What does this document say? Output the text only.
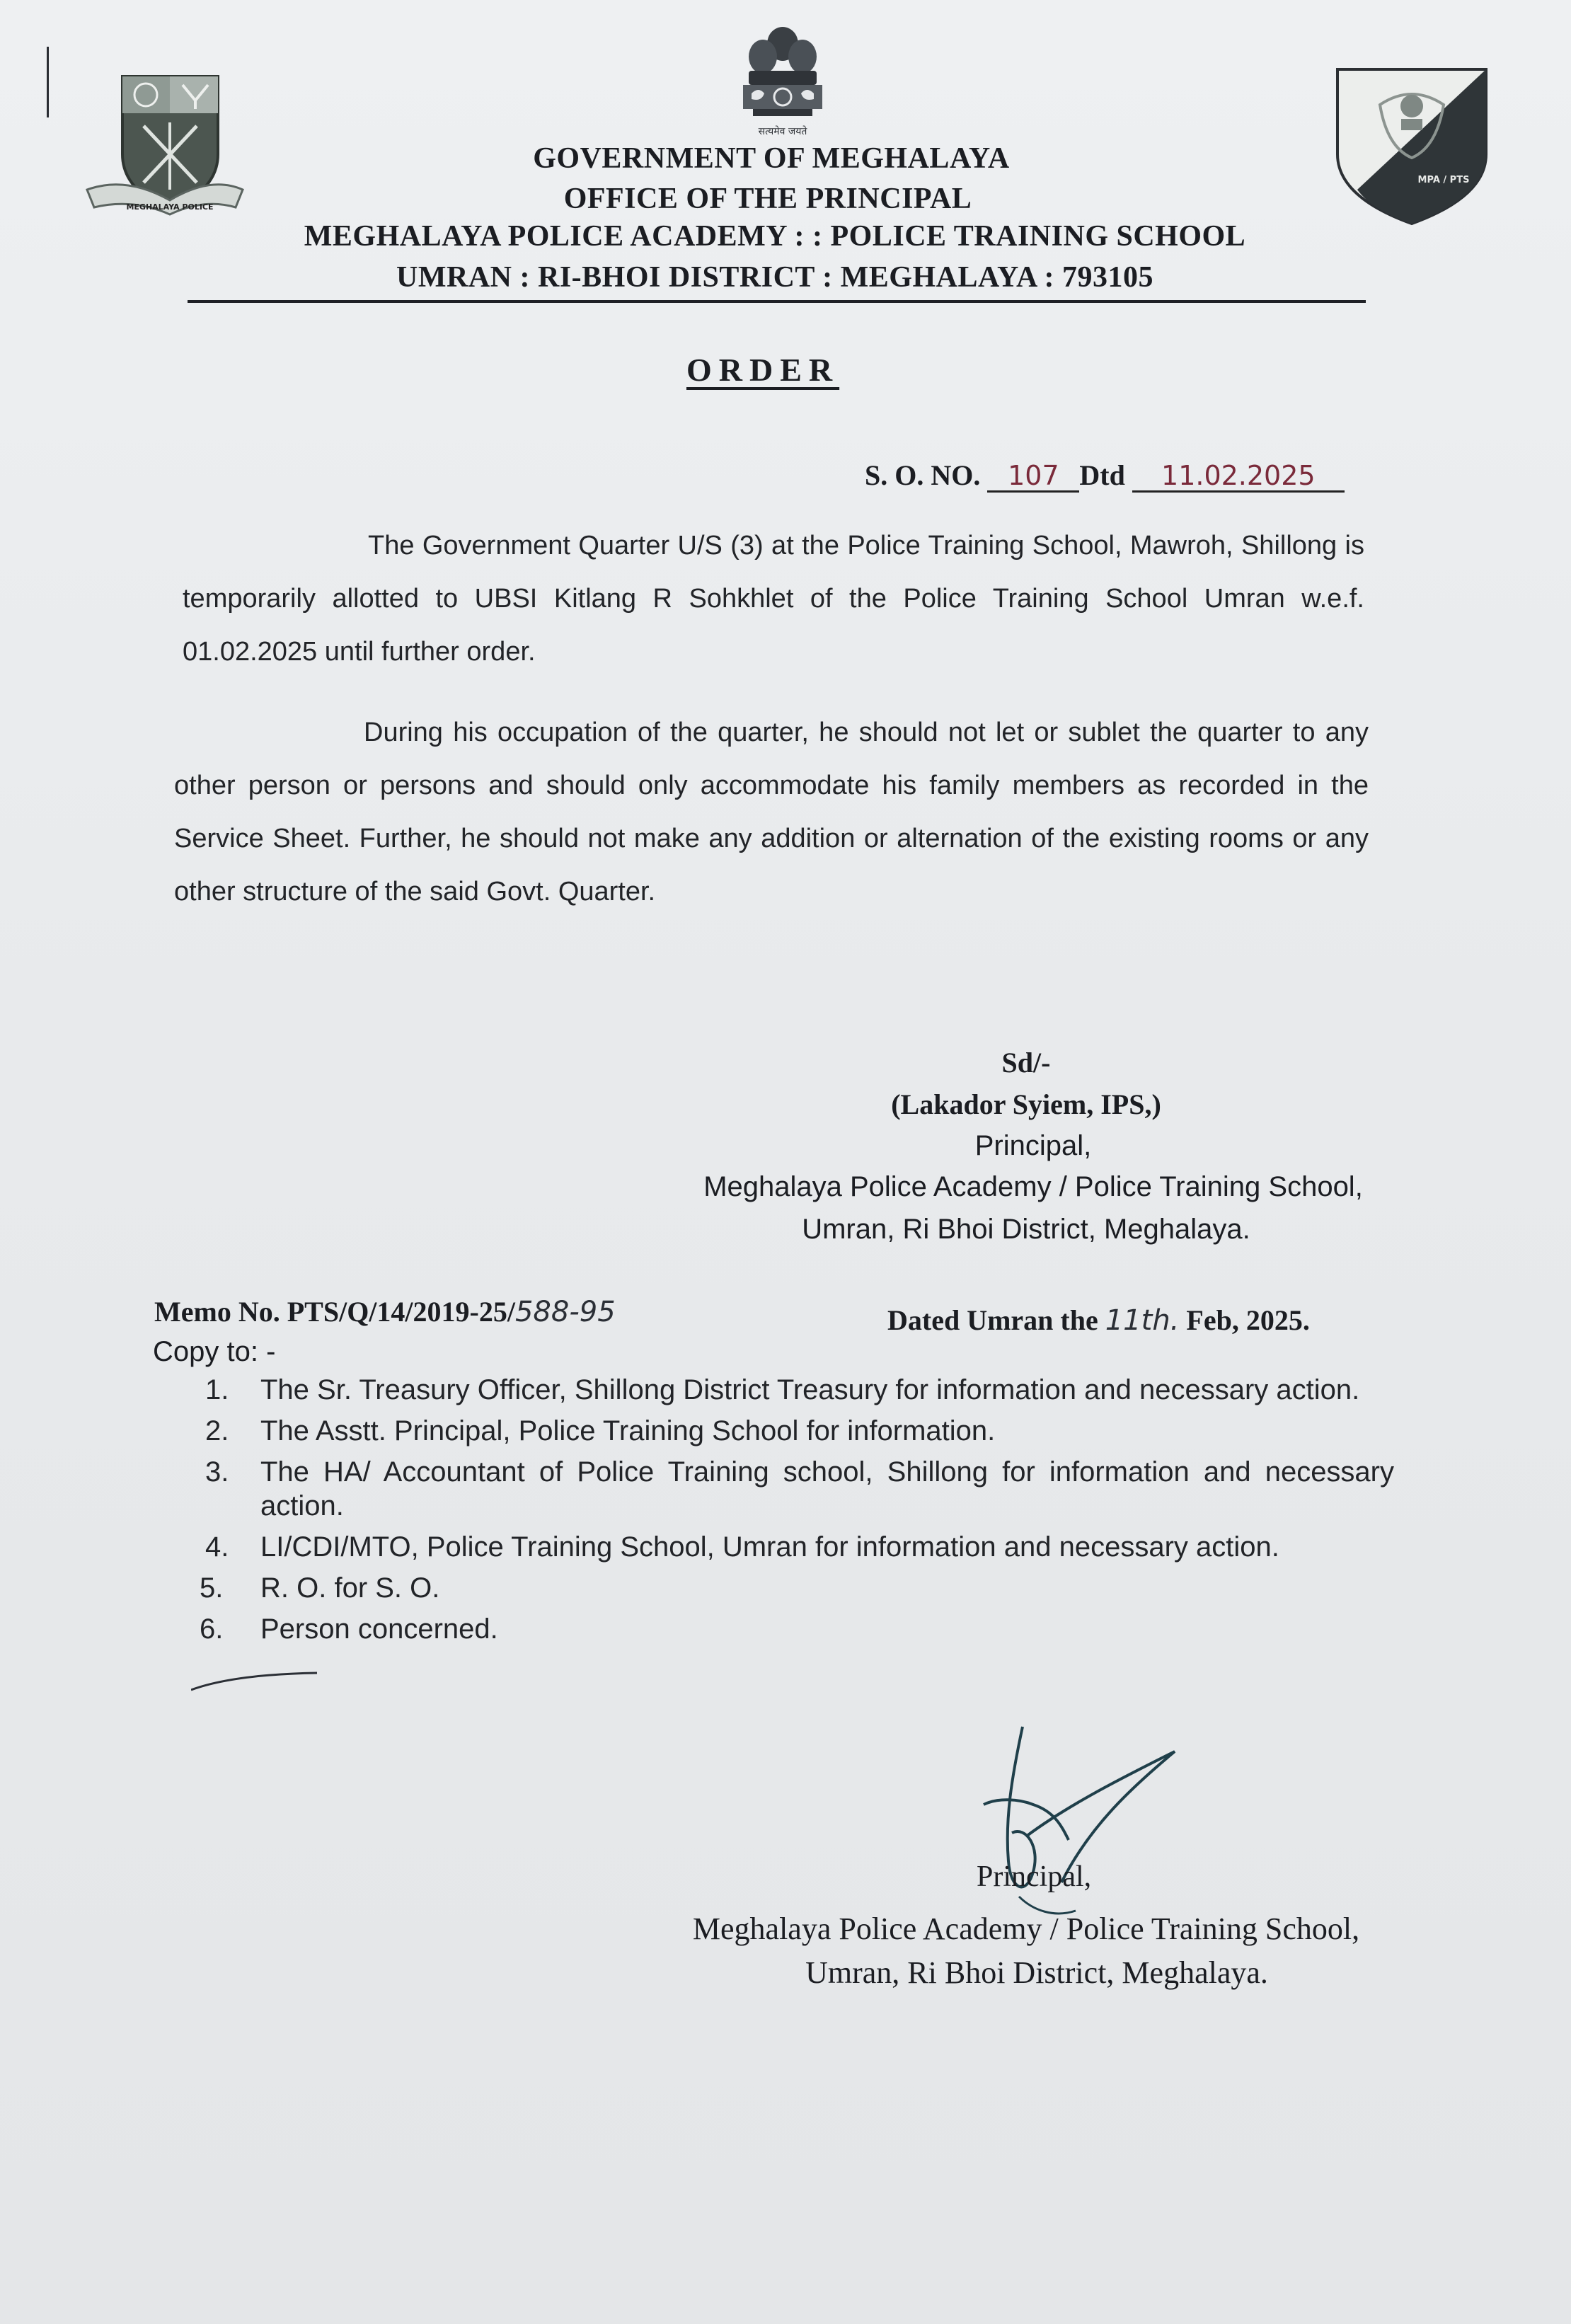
MEGHALAYA POLICE
सत्यमेव जयते
MPA / PTS
GOVERNMENT OF MEGHALAYA
OFFICE OF THE PRINCIPAL
MEGHALAYA POLICE ACADEMY : : POLICE TRAINING SCHOOL
UMRAN : RI-BHOI DISTRICT : MEGHALAYA : 793105
ORDER
S. O. NO. 107 Dtd 11.02.2025
The Government Quarter U/S (3) at the Police Training School, Mawroh, Shillong is temporarily allotted to UBSI Kitlang R Sohkhlet of the Police Training School Umran w.e.f. 01.02.2025 until further order.
During his occupation of the quarter, he should not let or sublet the quarter to any other person or persons and should only accommodate his family members as recorded in the Service Sheet. Further, he should not make any addition or alternation of the existing rooms or any other structure of the said Govt. Quarter.
Sd/-
(Lakador Syiem, IPS,)
Principal,
Meghalaya Police Academy / Police Training School,
Umran, Ri Bhoi District, Meghalaya.
Memo No. PTS/Q/14/2019-25/588-95	Dated Umran the 11th. Feb, 2025.
Copy to: -
1. The Sr. Treasury Officer, Shillong District Treasury for information and necessary action.
2. The Asstt. Principal, Police Training School for information.
3. The HA/ Accountant of Police Training school, Shillong for information and necessary action.
4. LI/CDI/MTO, Police Training School, Umran for information and necessary action.
5. R. O. for S. O.
6. Person concerned.
Principal,
Meghalaya Police Academy / Police Training School,
Umran, Ri Bhoi District, Meghalaya.
